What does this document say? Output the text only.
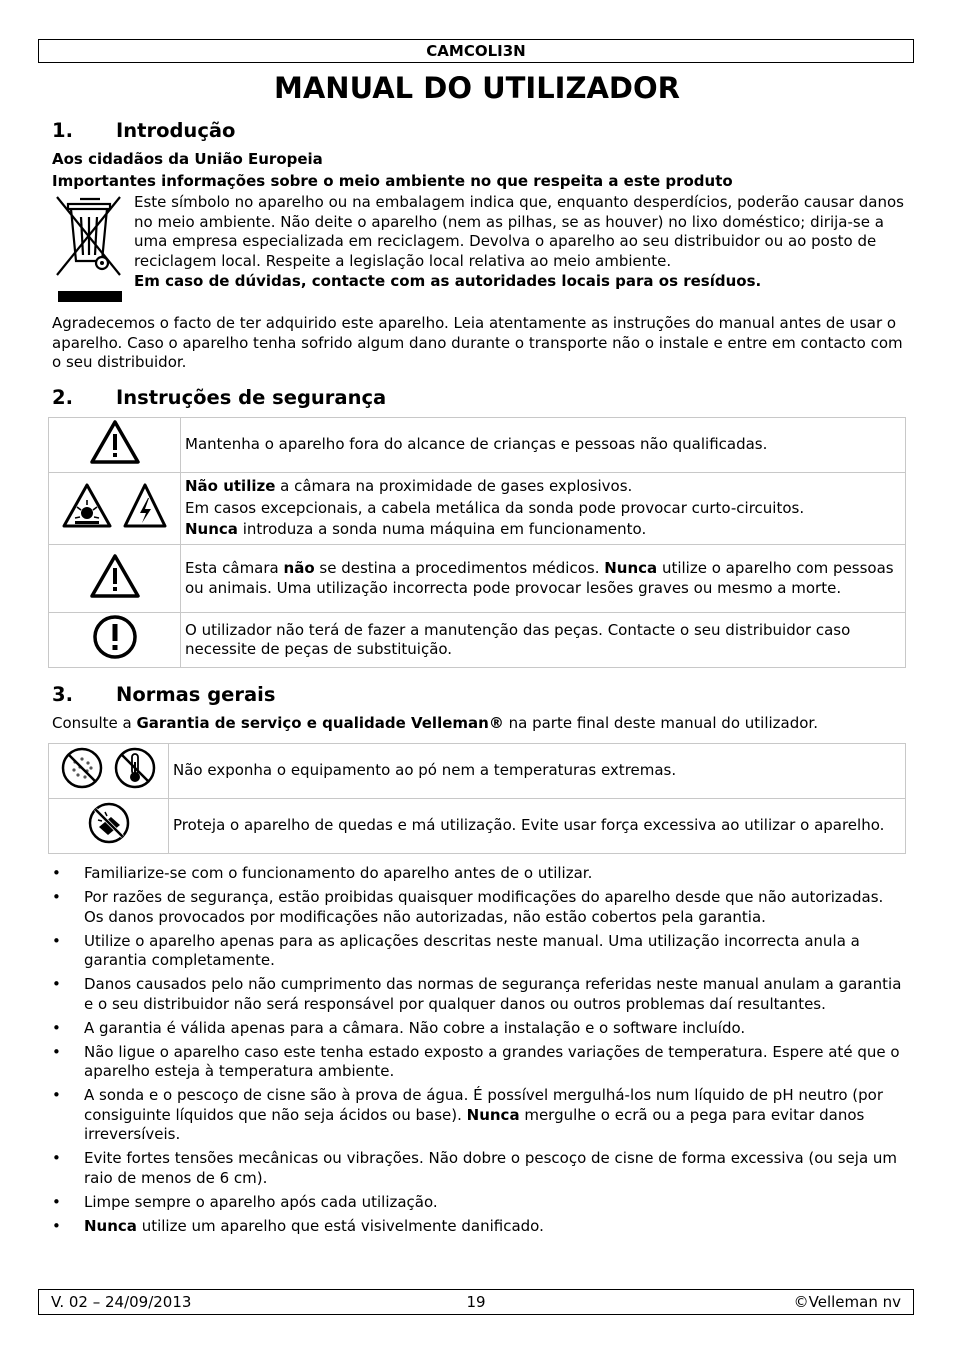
CAMCOLI3N
MANUAL DO UTILIZADOR
1. Introdução
Aos cidadãos da União Europeia
Importantes informações sobre o meio ambiente no que respeita a este produto
Este símbolo no aparelho ou na embalagem indica que, enquanto desperdícios, poderão causar danos no meio ambiente. Não deite o aparelho (nem as pilhas, se as houver) no lixo doméstico; dirija-se a uma empresa especializada em reciclagem. Devolva o aparelho ao seu distribuidor ou ao posto de reciclagem local. Respeite a legislação local relativa ao meio ambiente.
Em caso de dúvidas, contacte com as autoridades locais para os resíduos.
Agradecemos o facto de ter adquirido este aparelho. Leia atentamente as instruções do manual antes de usar o aparelho. Caso o aparelho tenha sofrido algum dano durante o transporte não o instale e entre em contacto com o seu distribuidor.
2. Instruções de segurança

Mantenha o aparelho fora do alcance de crianças e pessoas não qualificadas.

Não utilize a câmara na proximidade de gases explosivos.

Em casos excepcionais, a cabela metálica da sonda pode provocar curto-circuitos.

Nunca introduza a sonda numa máquina em funcionamento.

Esta câmara não se destina a procedimentos médicos. Nunca utilize o aparelho com pessoas ou animais. Uma utilização incorrecta pode provocar lesões graves ou mesmo a morte.

O utilizador não terá de fazer a manutenção das peças. Contacte o seu distribuidor caso necessite de peças de substituição.

3. Normas gerais
Consulte a Garantia de serviço e qualidade Velleman® na parte final deste manual do utilizador.

Não exponha o equipamento ao pó nem a temperaturas extremas.

Proteja o aparelho de quedas e má utilização. Evite usar força excessiva ao utilizar o aparelho.

• Familiarize-se com o funcionamento do aparelho antes de o utilizar.
• Por razões de segurança, estão proibidas quaisquer modificações do aparelho desde que não autorizadas. Os danos provocados por modificações não autorizadas, não estão cobertos pela garantia.
• Utilize o aparelho apenas para as aplicações descritas neste manual. Uma utilização incorrecta anula a garantia completamente.
• Danos causados pelo não cumprimento das normas de segurança referidas neste manual anulam a garantia e o seu distribuidor não será responsável por qualquer danos ou outros problemas daí resultantes.
• A garantia é válida apenas para a câmara. Não cobre a instalação e o software incluído.
• Não ligue o aparelho caso este tenha estado exposto a grandes variações de temperatura. Espere até que o aparelho esteja à temperatura ambiente.
• A sonda e o pescoço de cisne são à prova de água. É possível mergulhá-los num líquido de pH neutro (por consiguinte líquidos que não seja ácidos ou base). Nunca mergulhe o ecrã ou a pega para evitar danos irreversíveis.
• Evite fortes tensões mecânicas ou vibrações. Não dobre o pescoço de cisne de forma excessiva (ou seja um raio de menos de 6 cm).
• Limpe sempre o aparelho após cada utilização.
• Nunca utilize um aparelho que está visivelmente danificado.
V. 02 – 24/09/2013	19	©Velleman nv
